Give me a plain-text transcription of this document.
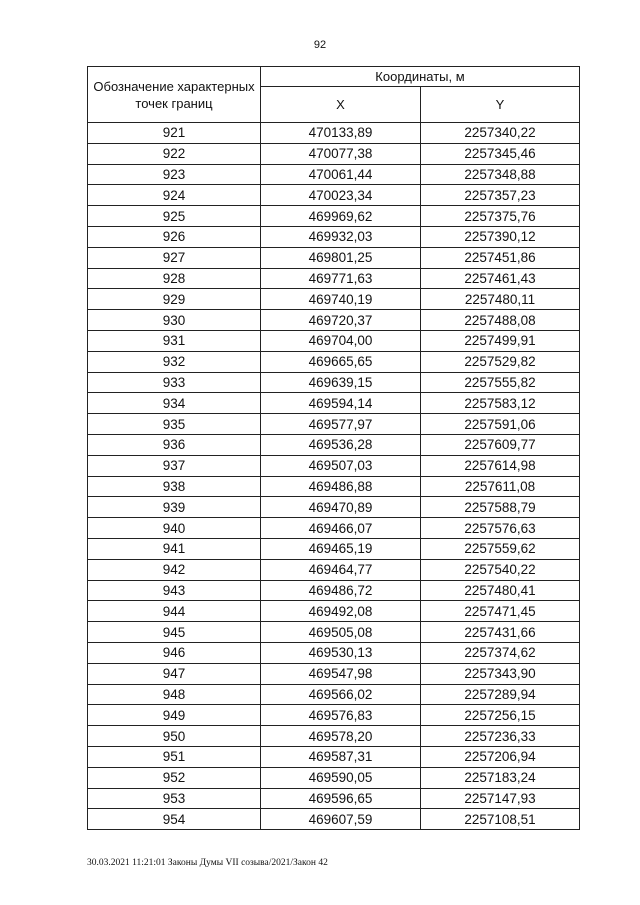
92
Обозначение характерных точек границ	Координаты, м	
	X	Y
921	470133,89	2257340,22
922	470077,38	2257345,46
923	470061,44	2257348,88
924	470023,34	2257357,23
925	469969,62	2257375,76
926	469932,03	2257390,12
927	469801,25	2257451,86
928	469771,63	2257461,43
929	469740,19	2257480,11
930	469720,37	2257488,08
931	469704,00	2257499,91
932	469665,65	2257529,82
933	469639,15	2257555,82
934	469594,14	2257583,12
935	469577,97	2257591,06
936	469536,28	2257609,77
937	469507,03	2257614,98
938	469486,88	2257611,08
939	469470,89	2257588,79
940	469466,07	2257576,63
941	469465,19	2257559,62
942	469464,77	2257540,22
943	469486,72	2257480,41
944	469492,08	2257471,45
945	469505,08	2257431,66
946	469530,13	2257374,62
947	469547,98	2257343,90
948	469566,02	2257289,94
949	469576,83	2257256,15
950	469578,20	2257236,33
951	469587,31	2257206,94
952	469590,05	2257183,24
953	469596,65	2257147,93
954	469607,59	2257108,51
30.03.2021 11:21:01 Законы Думы VII созыва/2021/Закон 42
